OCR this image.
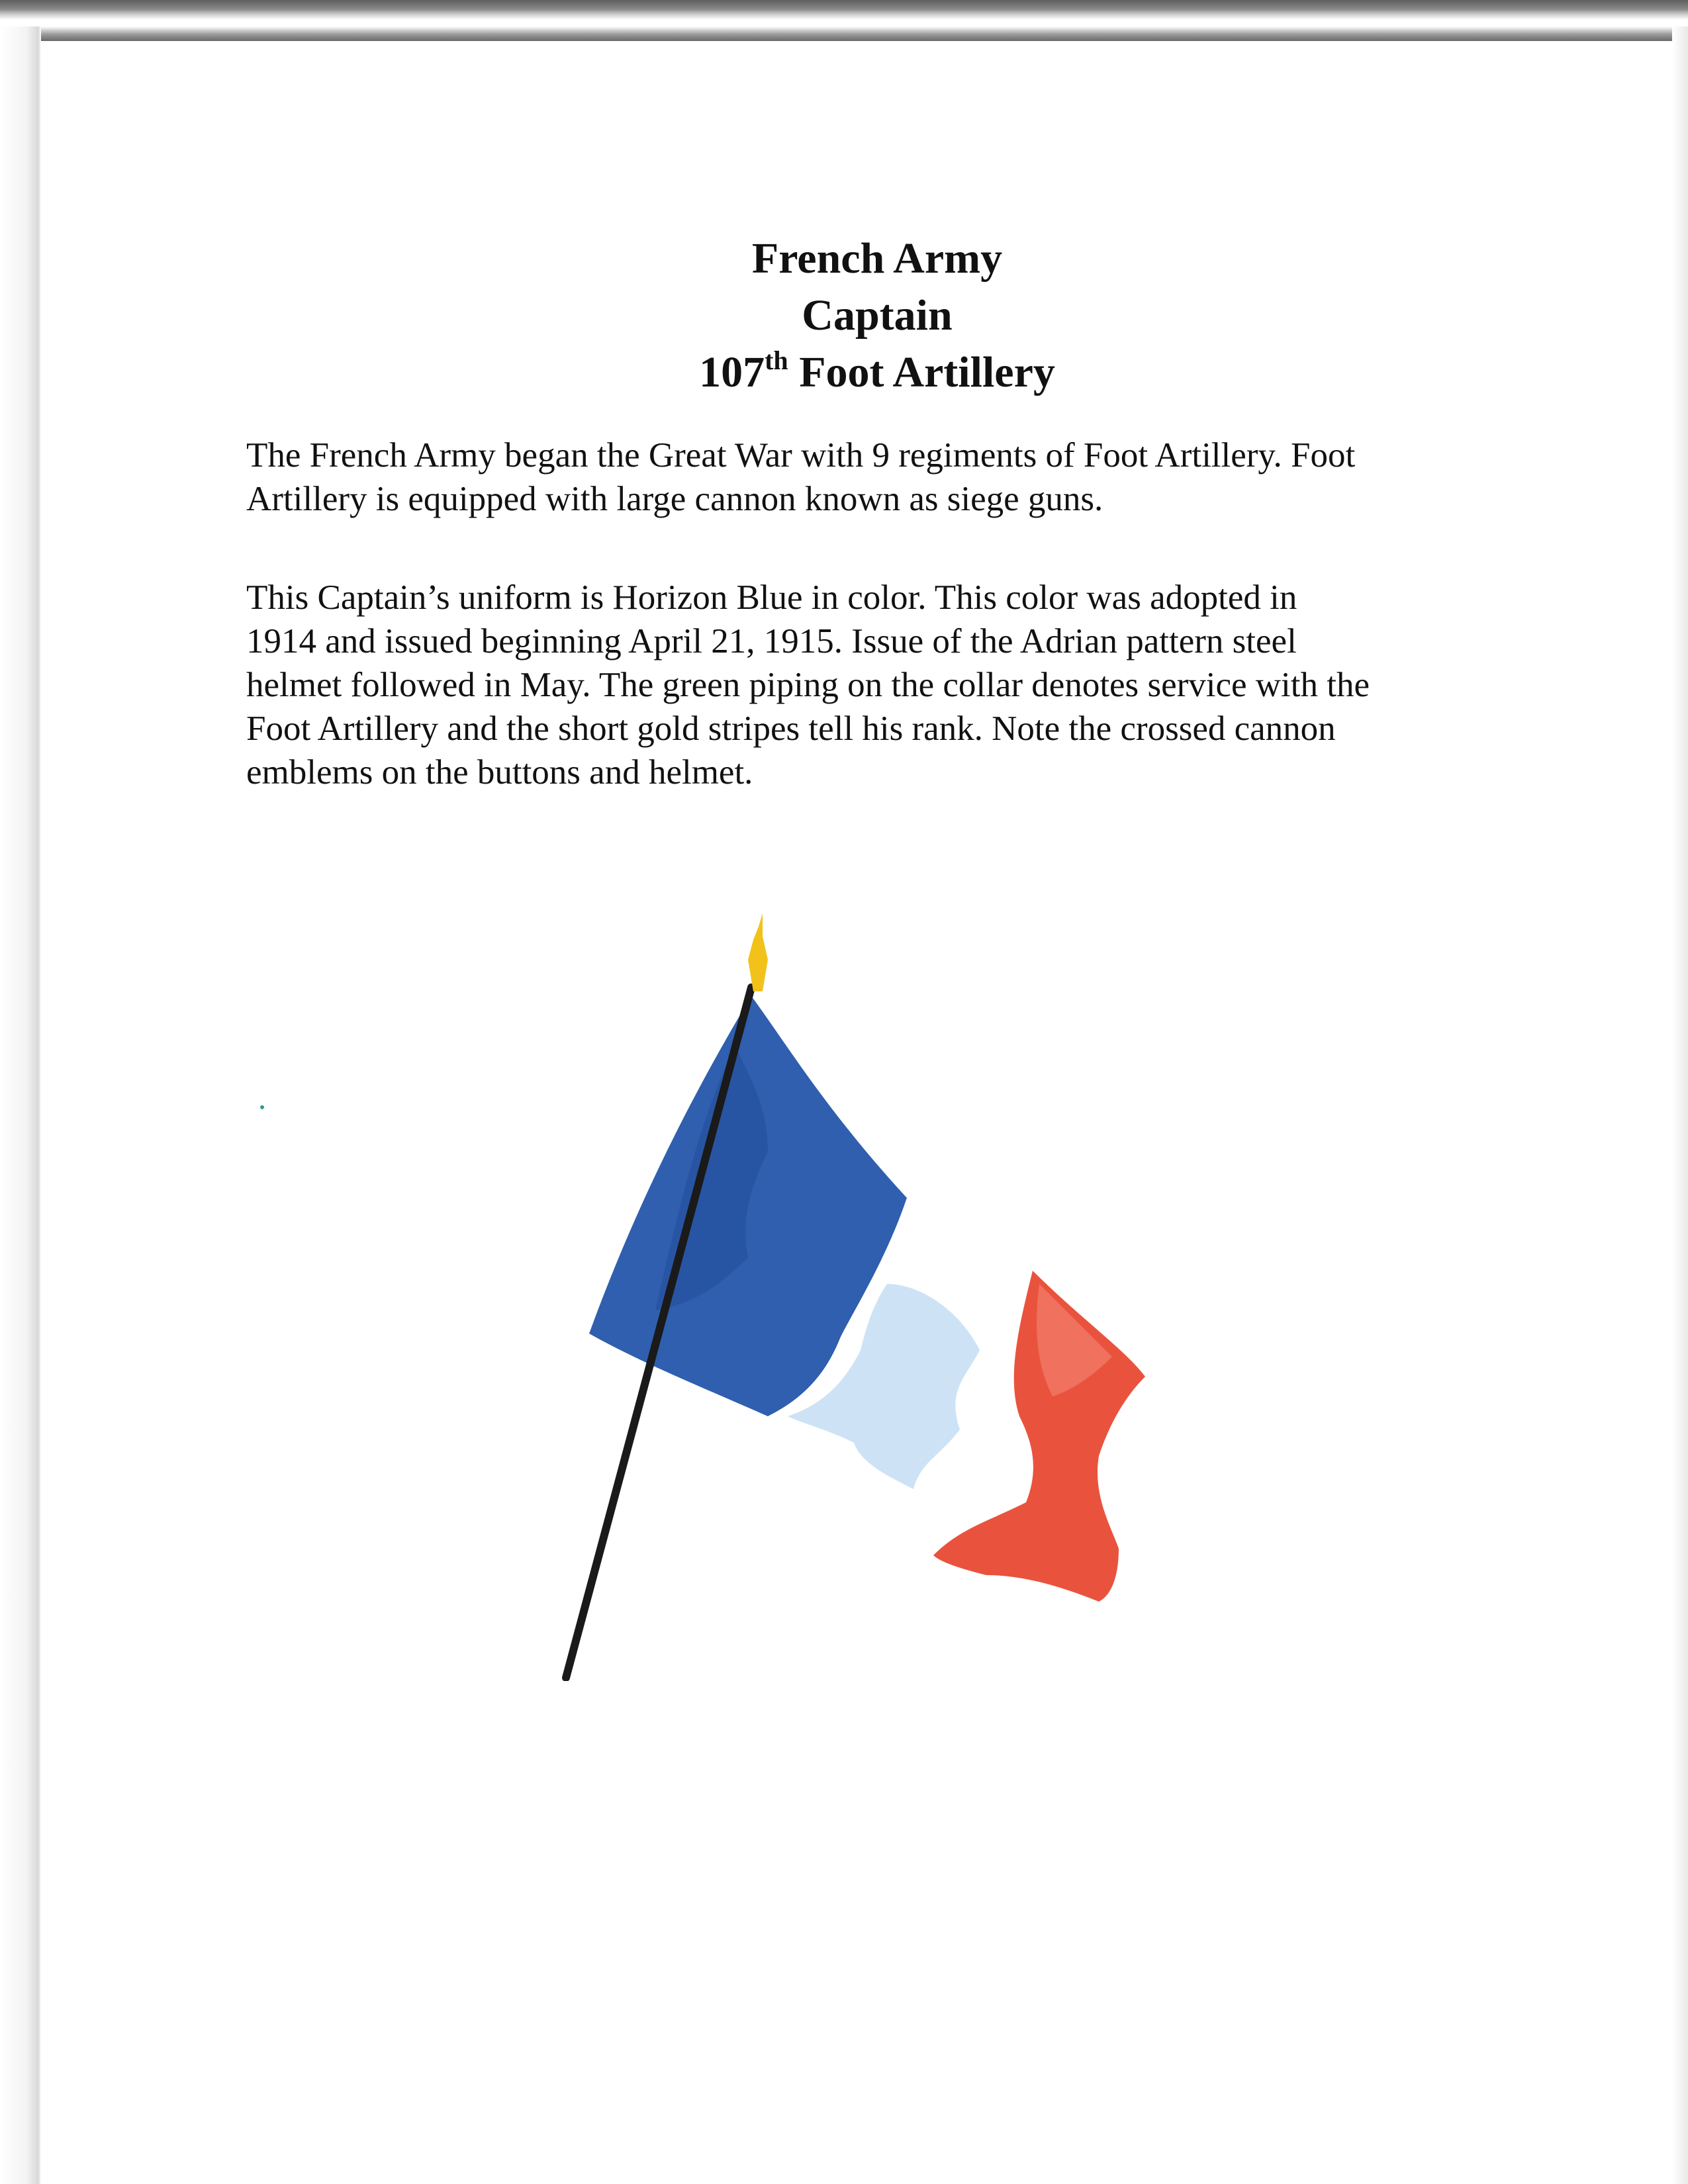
French Army
Captain
107th Foot Artillery
The French Army began the Great War with 9 regiments of Foot Artillery. Foot
Artillery is equipped with large cannon known as siege guns.
This Captain’s uniform is Horizon Blue in color. This color was adopted in
1914 and issued beginning April 21, 1915. Issue of the Adrian pattern steel
helmet followed in May. The green piping on the collar denotes service with the
Foot Artillery and the short gold stripes tell his rank. Note the crossed cannon
emblems on the buttons and helmet.
